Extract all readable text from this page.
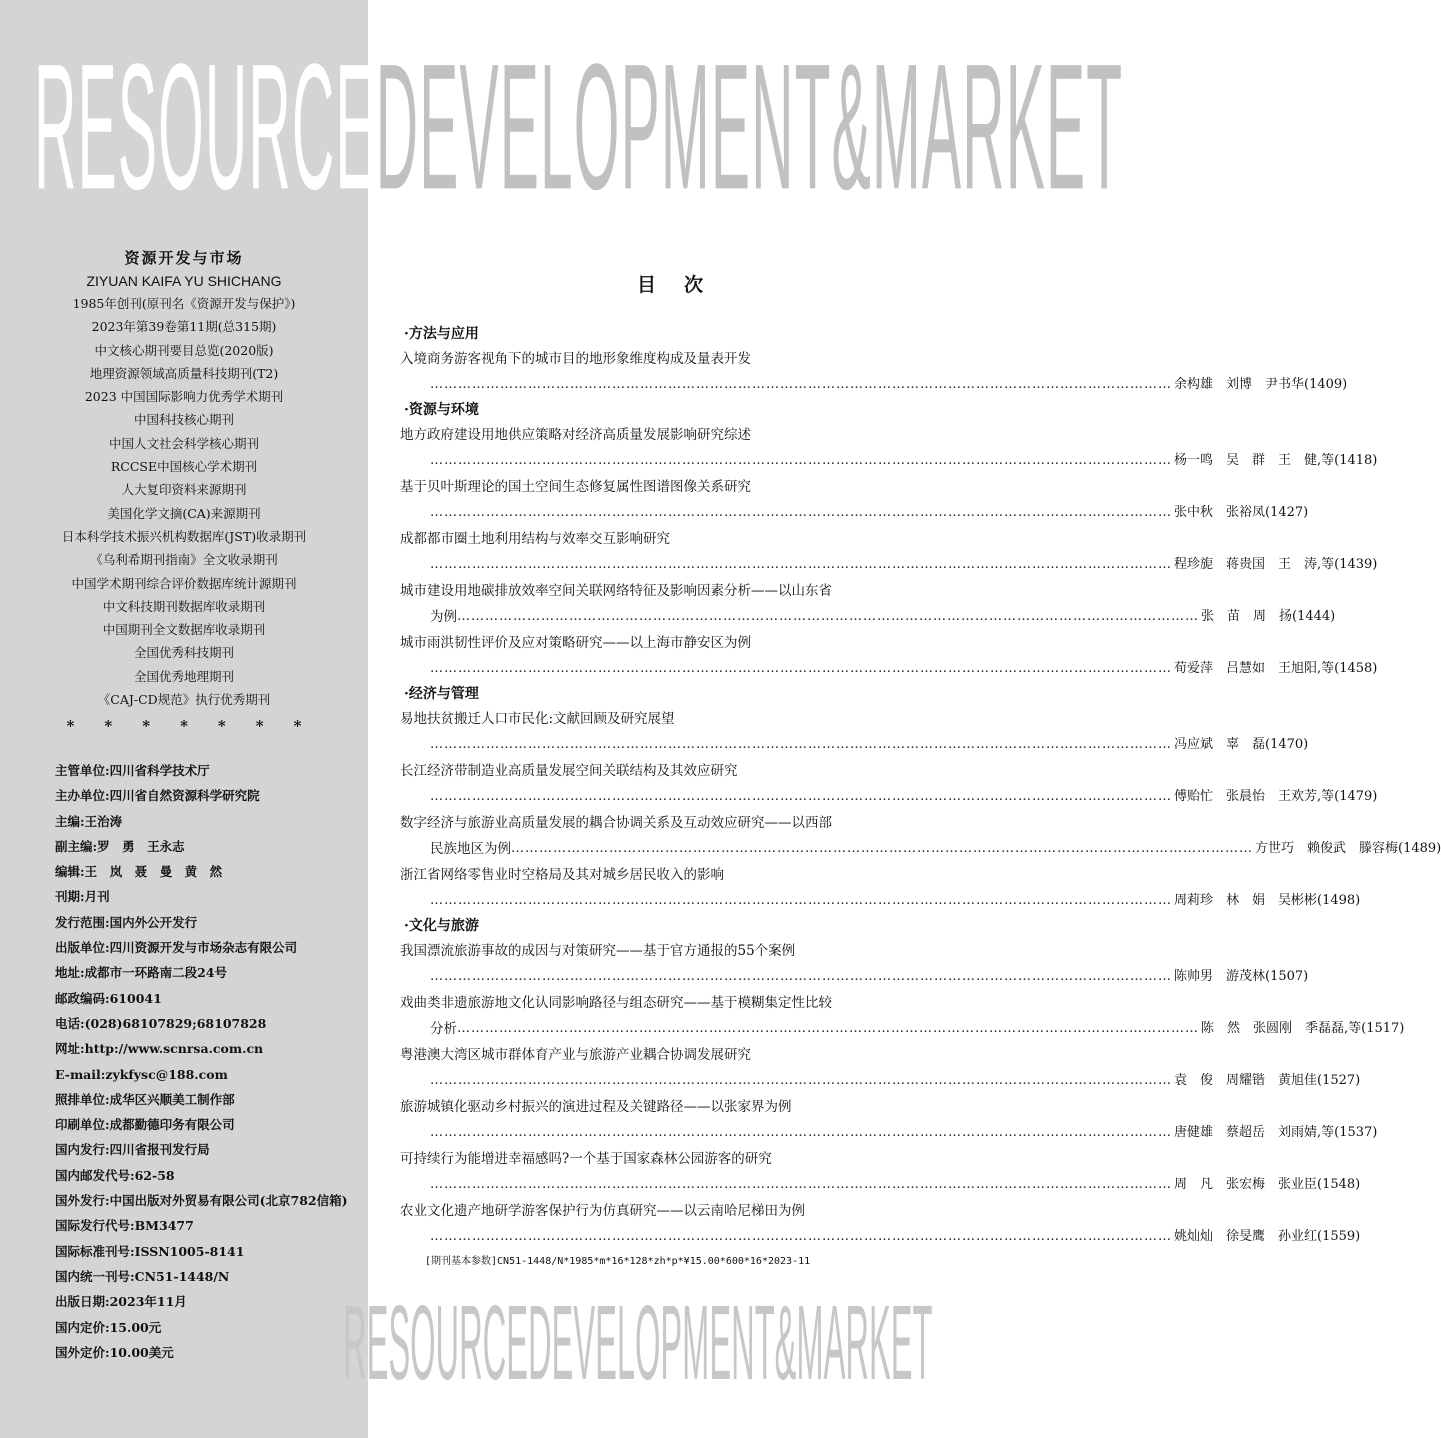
RESOURCEDEVELOPMENT&MARKET
资源开发与市场
ZIYUAN KAIFA YU SHICHANG
1985年创刊(原刊名《资源开发与保护》)
2023年第39卷第11期(总315期)
中文核心期刊要目总览(2020版)
地理资源领域高质量科技期刊(T2)
2023 中国国际影响力优秀学术期刊
中国科技核心期刊
中国人文社会科学核心期刊
RCCSE中国核心学术期刊
人大复印资料来源期刊
美国化学文摘(CA)来源期刊
日本科学技术振兴机构数据库(JST)收录期刊
《乌利希期刊指南》全文收录期刊
中国学术期刊综合评价数据库统计源期刊
中文科技期刊数据库收录期刊
中国期刊全文数据库收录期刊
全国优秀科技期刊
全国优秀地理期刊
《CAJ-CD规范》执行优秀期刊
*******
主管单位:四川省科学技术厅
主办单位:四川省自然资源科学研究院
主编:王治涛
副主编:罗　勇　王永志
编辑:王　岚　聂　曼　黄　然
刊期:月刊
发行范围:国内外公开发行
出版单位:四川资源开发与市场杂志有限公司
地址:成都市一环路南二段24号
邮政编码:610041
电话:(028)68107829;68107828
网址:http://www.scnrsa.com.cn
E-mail:zykfysc@188.com
照排单位:成华区兴顺美工制作部
印刷单位:成都勤德印务有限公司
国内发行:四川省报刊发行局
国内邮发代号:62-58
国外发行:中国出版对外贸易有限公司(北京782信箱)
国际发行代号:BM3477
国际标准刊号:ISSN1005-8141
国内统一刊号:CN51-1448/N
出版日期:2023年11月
国内定价:15.00元
国外定价:10.00美元
目次
·方法与应用
入境商务游客视角下的城市目的地形象维度构成及量表开发
……………………………………………………………………………………………………………………………………………
余构雄　刘博　尹书华(1409)
·资源与环境
地方政府建设用地供应策略对经济高质量发展影响研究综述
……………………………………………………………………………………………………………………………………………
杨一鸣　吴　群　王　健,等(1418)
基于贝叶斯理论的国土空间生态修复属性图谱图像关系研究
……………………………………………………………………………………………………………………………………………
张中秋　张裕凤(1427)
成都都市圈土地利用结构与效率交互影响研究
……………………………………………………………………………………………………………………………………………
程珍旎　蒋贵国　王　涛,等(1439)
城市建设用地碳排放效率空间关联网络特征及影响因素分析——以山东省
为例 ……………………………………………………………………………………………………………………………………………	张　苗　周　扬(1444)
城市雨洪韧性评价及应对策略研究——以上海市静安区为例
……………………………………………………………………………………………………………………………………………
荀爱萍　吕慧如　王旭阳,等(1458)
·经济与管理
易地扶贫搬迁人口市民化:文献回顾及研究展望
……………………………………………………………………………………………………………………………………………
冯应斌　辜　磊(1470)
长江经济带制造业高质量发展空间关联结构及其效应研究
……………………………………………………………………………………………………………………………………………
傅贻忙　张晨怡　王欢芳,等(1479)
数字经济与旅游业高质量发展的耦合协调关系及互动效应研究——以西部
民族地区为例 ……………………………………………………………………………………………………………………………………………	方世巧　赖俊武　滕容梅(1489)
浙江省网络零售业时空格局及其对城乡居民收入的影响
……………………………………………………………………………………………………………………………………………
周莉珍　林　娟　吴彬彬(1498)
·文化与旅游
我国漂流旅游事故的成因与对策研究——基于官方通报的55个案例
……………………………………………………………………………………………………………………………………………
陈帅男　游茂林(1507)
戏曲类非遗旅游地文化认同影响路径与组态研究——基于模糊集定性比较
分析 ……………………………………………………………………………………………………………………………………………	陈　然　张圆刚　季磊磊,等(1517)
粤港澳大湾区城市群体育产业与旅游产业耦合协调发展研究
……………………………………………………………………………………………………………………………………………
袁　俊　周耀锴　黄旭佳(1527)
旅游城镇化驱动乡村振兴的演进过程及关键路径——以张家界为例
……………………………………………………………………………………………………………………………………………
唐健雄　蔡超岳　刘雨婧,等(1537)
可持续行为能增进幸福感吗?一个基于国家森林公园游客的研究
……………………………………………………………………………………………………………………………………………
周　凡　张宏梅　张业臣(1548)
农业文化遗产地研学游客保护行为仿真研究——以云南哈尼梯田为例
……………………………………………………………………………………………………………………………………………
姚灿灿　徐旻鹰　孙业红(1559)
[期刊基本参数]CN51-1448/N*1985*m*16*128*zh*p*¥15.00*600*16*2023-11
RESOURCEDEVELOPMENT&MARKET
